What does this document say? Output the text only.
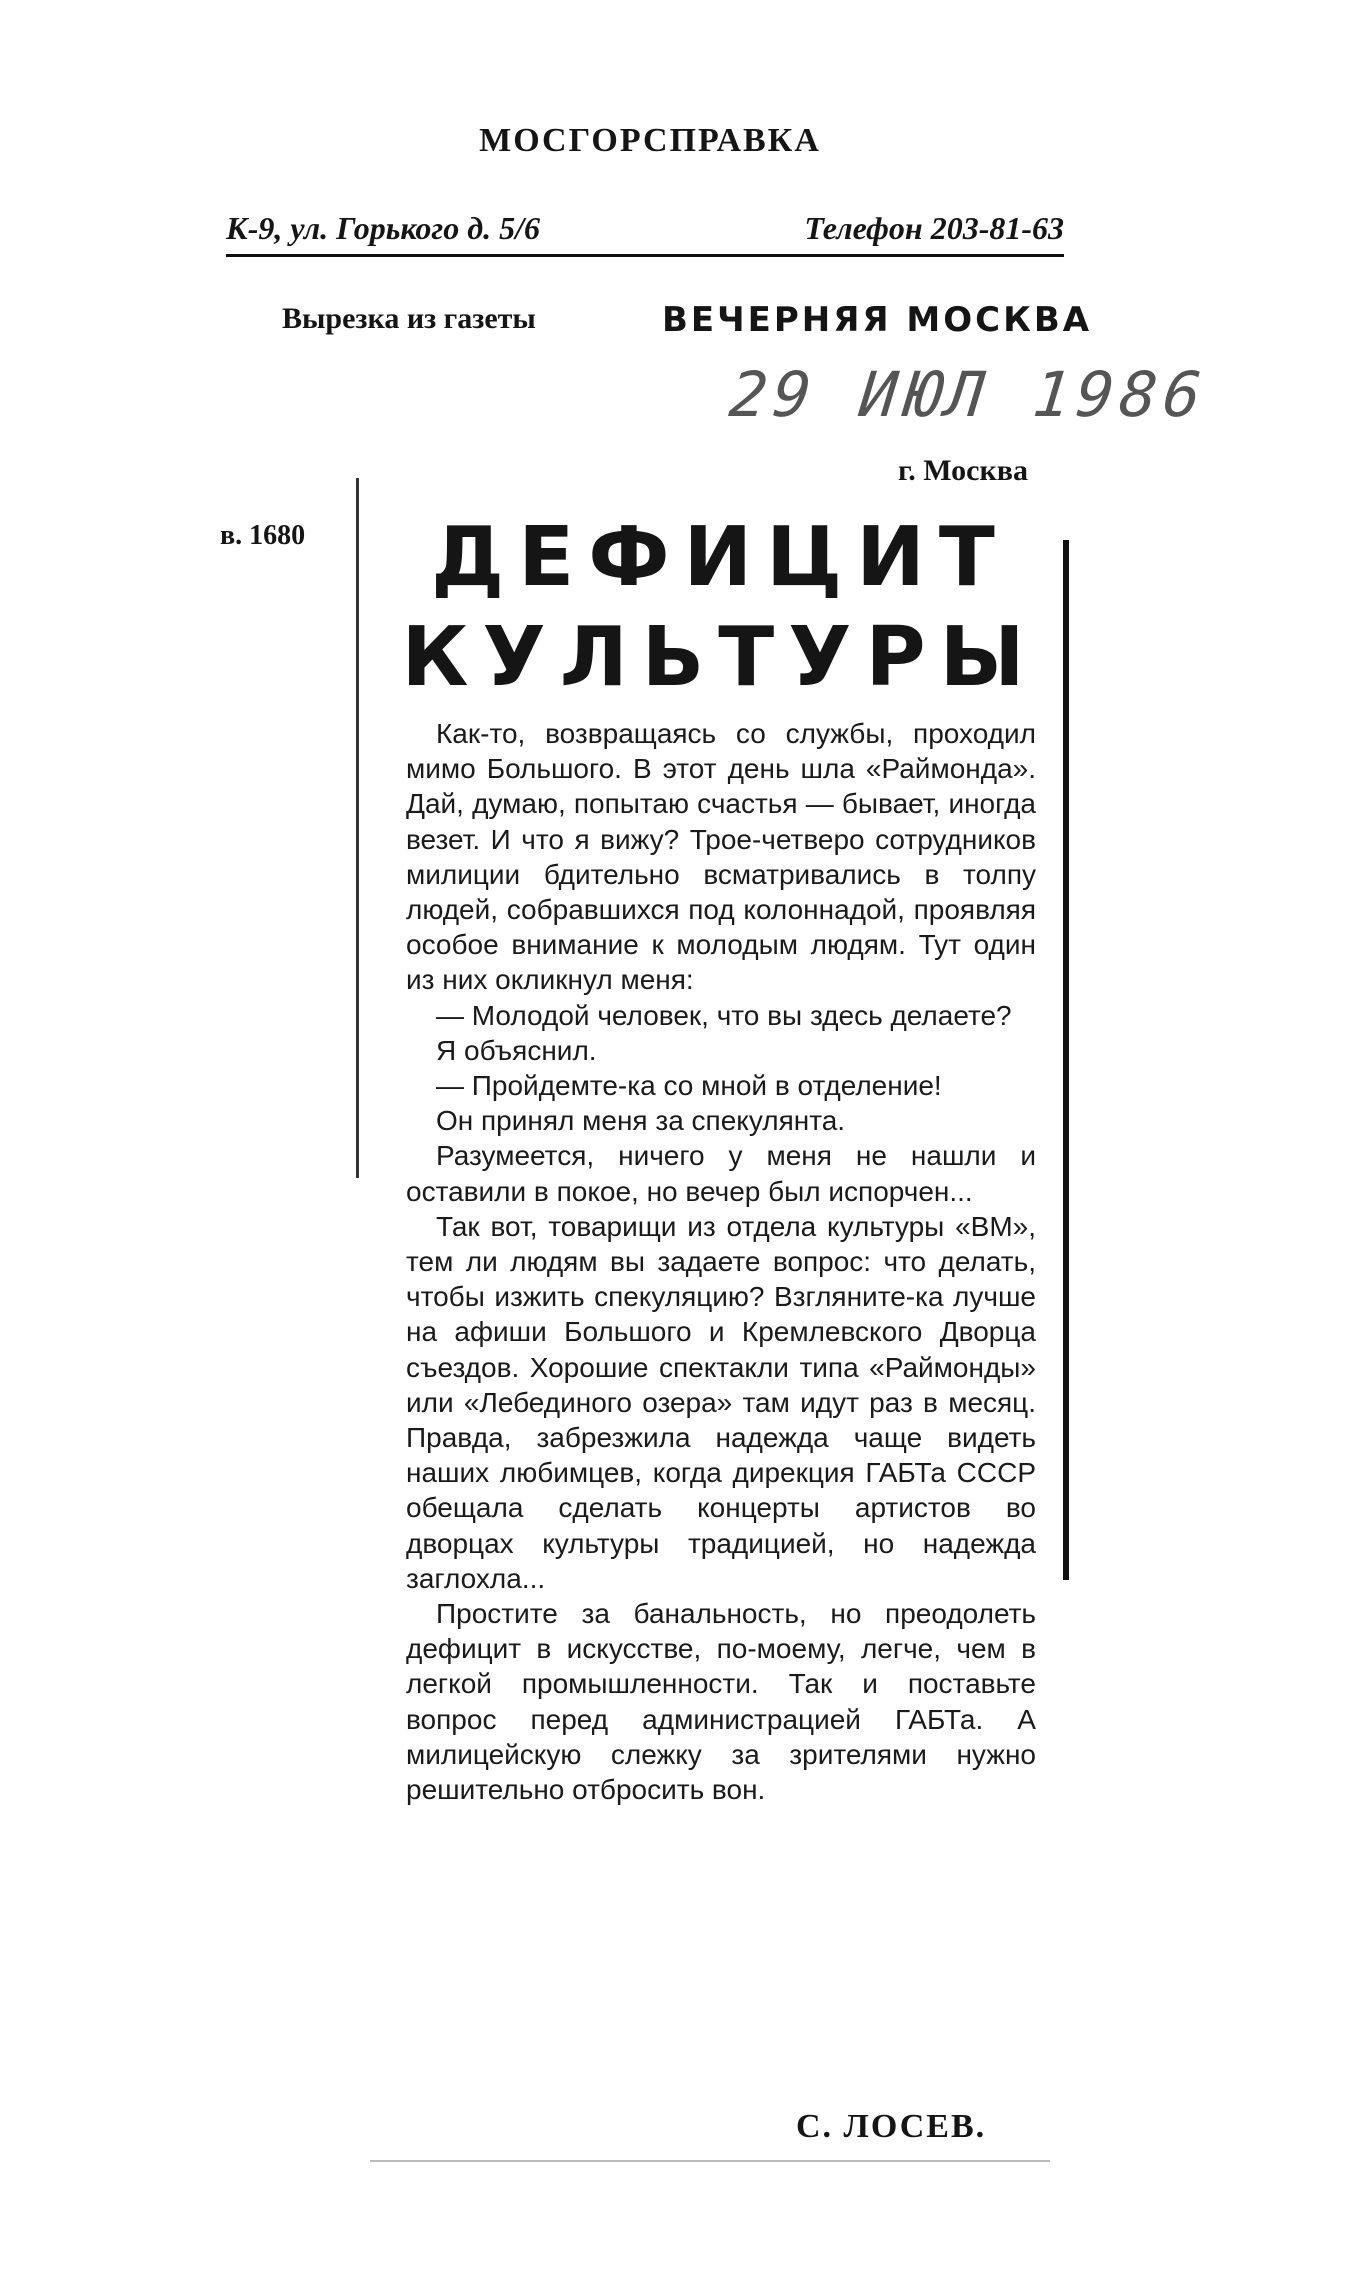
МОСГОРСПРАВКА
К-9, ул. Горького д. 5/6	Телефон 203-81-63
Вырезка из газеты	ВЕЧЕРНЯЯ МОСКВА
29 ИЮЛ 1986
г. Москва
в. 1680	ДЕФИЦИТ
КУЛЬТУРЫ

Как-то, возвращаясь со службы, проходил мимо Большого. В этот день шла «Раймонда». Дай, думаю, попытаю счастья — бывает, иногда везет. И что я вижу? Трое-четверо сотрудников милиции бдительно всматривались в толпу людей, собравшихся под колоннадой, проявляя особое внимание к молодым людям. Тут один из них окликнул меня:

— Молодой человек, что вы здесь делаете?

Я объяснил.

— Пройдемте-ка со мной в отделение!

Он принял меня за спекулянта.

Разумеется, ничего у меня не нашли и оставили в покое, но вечер был испорчен...

Так вот, товарищи из отдела культуры «ВМ», тем ли людям вы задаете вопрос: что делать, чтобы изжить спекуляцию? Взгляните-ка лучше на афиши Большого и Кремлевского Дворца съездов. Хорошие спектакли типа «Раймонды» или «Лебединого озера» там идут раз в месяц. Правда, забрезжила надежда чаще видеть наших любимцев, когда дирекция ГАБТа СССР обещала сделать концерты артистов во дворцах культуры традицией, но надежда заглохла...

Простите за банальность, но преодолеть дефицит в искусстве, по-моему, легче, чем в легкой промышленности. Так и поставьте вопрос перед администрацией ГАБТа. А милицейскую слежку за зрителями нужно решительно отбросить вон.

С. ЛОСЕВ.
